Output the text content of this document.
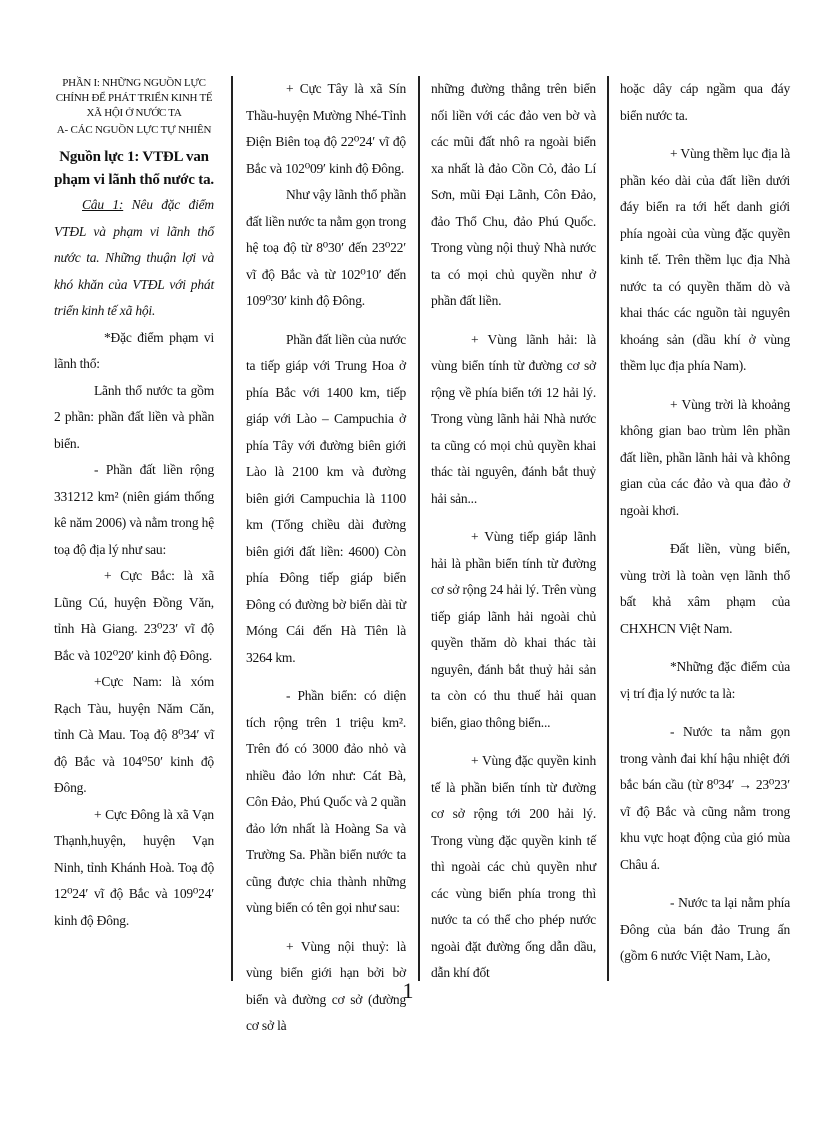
PHẦN I: NHỮNG NGUỒN LỰC CHÍNH ĐỂ PHÁT TRIỂN KINH TẾ XÃ HỘI Ở NƯỚC TA
A- CÁC NGUỒN LỰC TỰ NHIÊN
Nguồn lực 1: VTĐL van phạm vi lãnh thổ nước ta.

Câu 1: Nêu đặc điểm VTĐL và phạm vi lãnh thổ nước ta. Những thuận lợi và khó khăn của VTĐL với phát triển kinh tế xã hội.

*Đặc điểm phạm vi lãnh thổ:

Lãnh thổ nước ta gồm 2 phần: phần đất liền và phần biển.

- Phần đất liền rộng 331212 km² (niên giám thống kê năm 2006) và nằm trong hệ toạ độ địa lý như sau:

+ Cực Bắc: là xã Lũng Cú, huyện Đồng Văn, tỉnh Hà Giang. 23⁰23′ vĩ độ Bắc và 102⁰20′ kinh độ Đông.

+Cực Nam: là xóm Rạch Tàu, huyện Năm Căn, tỉnh Cà Mau. Toạ độ 8⁰34′ vĩ độ Bắc và 104⁰50′ kinh độ Đông.

+ Cực Đông là xã Vạn Thạnh,huyện, huyện Vạn Ninh, tỉnh Khánh Hoà. Toạ độ 12⁰24′ vĩ độ Bắc và 109⁰24′ kinh độ Đông.

+ Cực Tây là xã Sín Thầu-huyện Mường Nhé-Tỉnh Điện Biên toạ độ 22⁰24′ vĩ độ Bắc và 102⁰09′ kinh độ Đông.

Như vậy lãnh thổ phần đất liền nước ta nằm gọn trong hệ toạ độ từ 8⁰30′ đến 23⁰22′ vĩ độ Bắc và từ 102⁰10′ đến 109⁰30′ kinh độ Đông.

Phần đất liền của nước ta tiếp giáp với Trung Hoa ở phía Bắc với 1400 km, tiếp giáp với Lào – Campuchia ở phía Tây với đường biên giới Lào là 2100 km và đường biên giới Campuchia là 1100 km (Tổng chiều dài đường biên giới đất liền: 4600) Còn phía Đông tiếp giáp biển Đông có đường bờ biển dài từ Móng Cái đến Hà Tiên là 3264 km.

- Phần biển: có diện tích rộng trên 1 triệu km². Trên đó có 3000 đảo nhỏ và nhiều đảo lớn như: Cát Bà, Côn Đảo, Phú Quốc và 2 quần đảo lớn nhất là Hoàng Sa và Trường Sa. Phần biển nước ta cũng được chia thành những vùng biển có tên gọi như sau:

+ Vùng nội thuỷ: là vùng biển giới hạn bởi bờ biển và đường cơ sở (đường cơ sở là

những đường thẳng trên biển nối liền với các đảo ven bờ và các mũi đất nhô ra ngoài biển xa nhất là đảo Cồn Cỏ, đảo Lí Sơn, mũi Đại Lãnh, Côn Đảo, đảo Thổ Chu, đảo Phú Quốc. Trong vùng nội thuỷ Nhà nước ta có mọi chủ quyền như ở phần đất liền.

+ Vùng lãnh hải: là vùng biển tính từ đường cơ sở rộng về phía biển tới 12 hải lý. Trong vùng lãnh hải Nhà nước ta cũng có mọi chủ quyền khai thác tài nguyên, đánh bắt thuỷ hải sản...

+ Vùng tiếp giáp lãnh hải là phần biển tính từ đường cơ sở rộng 24 hải lý. Trên vùng tiếp giáp lãnh hải ngoài chủ quyền thăm dò khai thác tài nguyên, đánh bắt thuỷ hải sản ta còn có thu thuế hải quan biển, giao thông biển...

+ Vùng đặc quyền kinh tế là phần biển tính từ đường cơ sở rộng tới 200 hải lý. Trong vùng đặc quyền kinh tế thì ngoài các chủ quyền như các vùng biển phía trong thì nước ta có thể cho phép nước ngoài đặt đường ống dẫn dầu, dẫn khí đốt

hoặc dây cáp ngầm qua đáy biển nước ta.

+ Vùng thềm lục địa là phần kéo dài của đất liền dưới đáy biển ra tới hết danh giới phía ngoài của vùng đặc quyền kinh tế. Trên thềm lục địa Nhà nước ta có quyền thăm dò và khai thác các nguồn tài nguyên khoáng sản (dầu khí ở vùng thềm lục địa phía Nam).

+ Vùng trời là khoảng không gian bao trùm lên phần đất liền, phần lãnh hải và không gian của các đảo và qua đảo ở ngoài khơi.

Đất liền, vùng biển, vùng trời là toàn vẹn lãnh thổ bất khả xâm phạm của CHXHCN Việt Nam.

*Những đặc điểm của vị trí địa lý nước ta là:

- Nước ta nằm gọn trong vành đai khí hậu nhiệt đới bắc bán cầu (từ 8⁰34′ → 23⁰23′ vĩ độ Bắc và cũng nằm trong khu vực hoạt động của gió mùa Châu á.

- Nước ta lại nằm phía Đông của bán đảo Trung ấn (gồm 6 nước Việt Nam, Lào,

1
